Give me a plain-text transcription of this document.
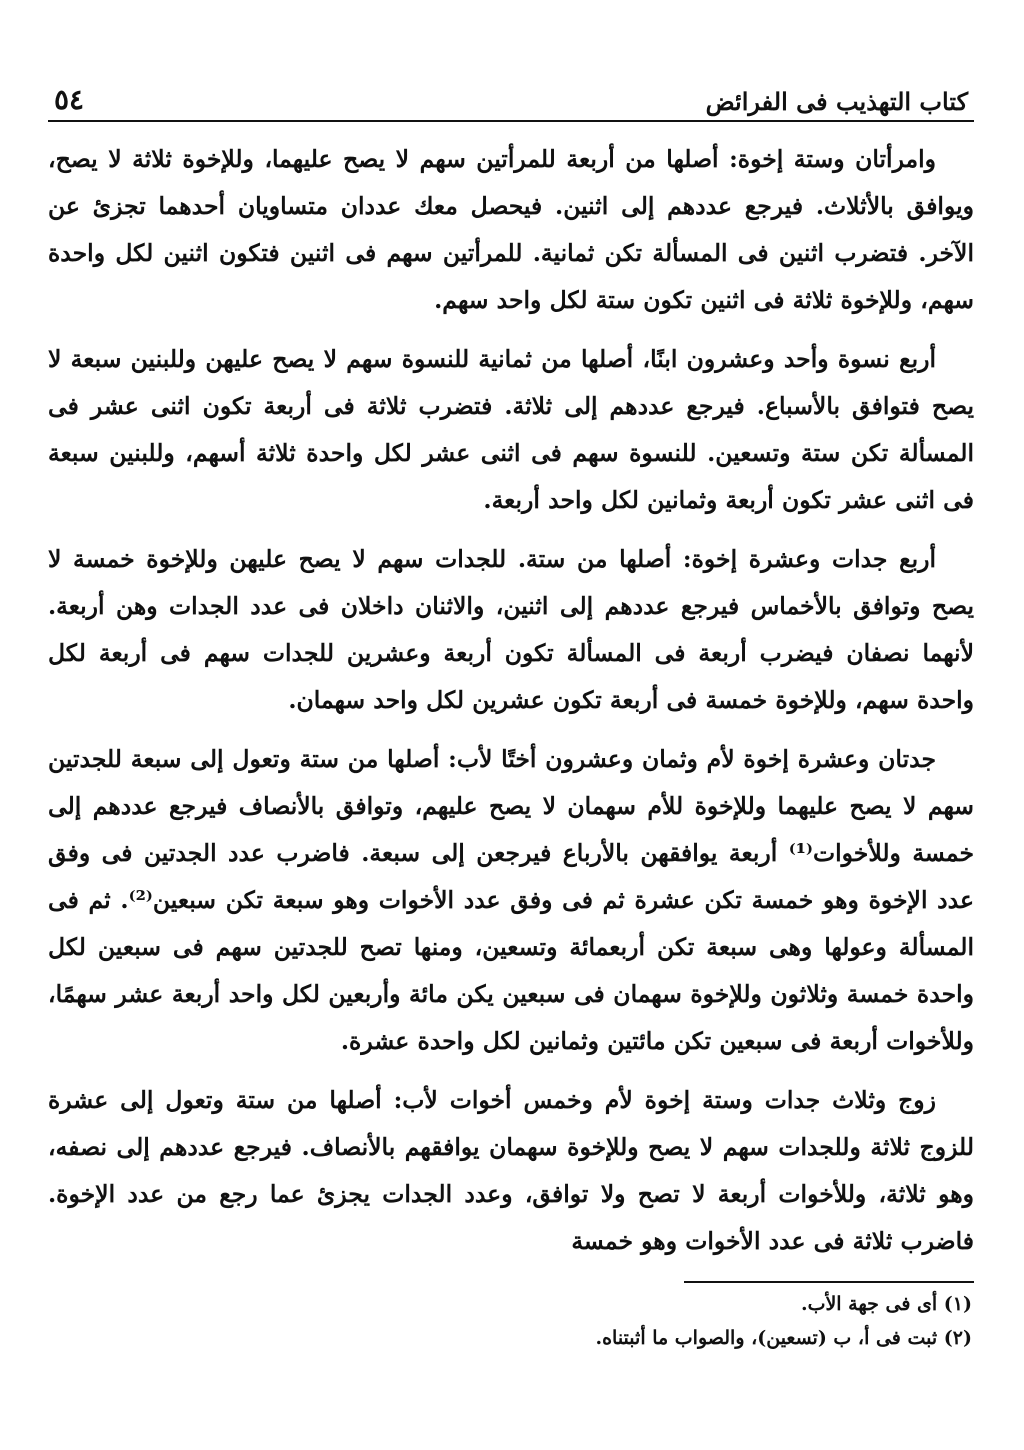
كتاب التهذيب فى الفرائض
٥٤

وامرأتان وستة إخوة: أصلها من أربعة للمرأتين سهم لا يصح عليهما، وللإخوة ثلاثة لا يصح، ويوافق بالأثلاث. فيرجع عددهم إلى اثنين. فيحصل معك عددان متساويان أحدهما تجزئ عن الآخر. فتضرب اثنين فى المسألة تكن ثمانية. للمرأتين سهم فى اثنين فتكون اثنين لكل واحدة سهم، وللإخوة ثلاثة فى اثنين تكون ستة لكل واحد سهم.

أربع نسوة وأحد وعشرون ابنًا، أصلها من ثمانية للنسوة سهم لا يصح عليهن وللبنين سبعة لا يصح فتوافق بالأسباع. فيرجع عددهم إلى ثلاثة. فتضرب ثلاثة فى أربعة تكون اثنى عشر فى المسألة تكن ستة وتسعين. للنسوة سهم فى اثنى عشر لكل واحدة ثلاثة أسهم، وللبنين سبعة فى اثنى عشر تكون أربعة وثمانين لكل واحد أربعة.

أربع جدات وعشرة إخوة: أصلها من ستة. للجدات سهم لا يصح عليهن وللإخوة خمسة لا يصح وتوافق بالأخماس فيرجع عددهم إلى اثنين، والاثنان داخلان فى عدد الجدات وهن أربعة. لأنهما نصفان فيضرب أربعة فى المسألة تكون أربعة وعشرين للجدات سهم فى أربعة لكل واحدة سهم، وللإخوة خمسة فى أربعة تكون عشرين لكل واحد سهمان.

جدتان وعشرة إخوة لأم وثمان وعشرون أختًا لأب: أصلها من ستة وتعول إلى سبعة للجدتين سهم لا يصح عليهما وللإخوة للأم سهمان لا يصح عليهم، وتوافق بالأنصاف فيرجع عددهم إلى خمسة وللأخوات⁽¹⁾ أربعة يوافقهن بالأرباع فيرجعن إلى سبعة. فاضرب عدد الجدتين فى وفق عدد الإخوة وهو خمسة تكن عشرة ثم فى وفق عدد الأخوات وهو سبعة تكن سبعين⁽²⁾. ثم فى المسألة وعولها وهى سبعة تكن أربعمائة وتسعين، ومنها تصح للجدتين سهم فى سبعين لكل واحدة خمسة وثلاثون وللإخوة سهمان فى سبعين يكن مائة وأربعين لكل واحد أربعة عشر سهمًا، وللأخوات أربعة فى سبعين تكن مائتين وثمانين لكل واحدة عشرة.

زوج وثلاث جدات وستة إخوة لأم وخمس أخوات لأب: أصلها من ستة وتعول إلى عشرة للزوج ثلاثة وللجدات سهم لا يصح وللإخوة سهمان يوافقهم بالأنصاف. فيرجع عددهم إلى نصفه، وهو ثلاثة، وللأخوات أربعة لا تصح ولا توافق، وعدد الجدات يجزئ عما رجع من عدد الإخوة. فاضرب ثلاثة فى عدد الأخوات وهو خمسة

(١) أى فى جهة الأب.

(٢) ثبت فى أ، ب (تسعين)، والصواب ما أثبتناه.
